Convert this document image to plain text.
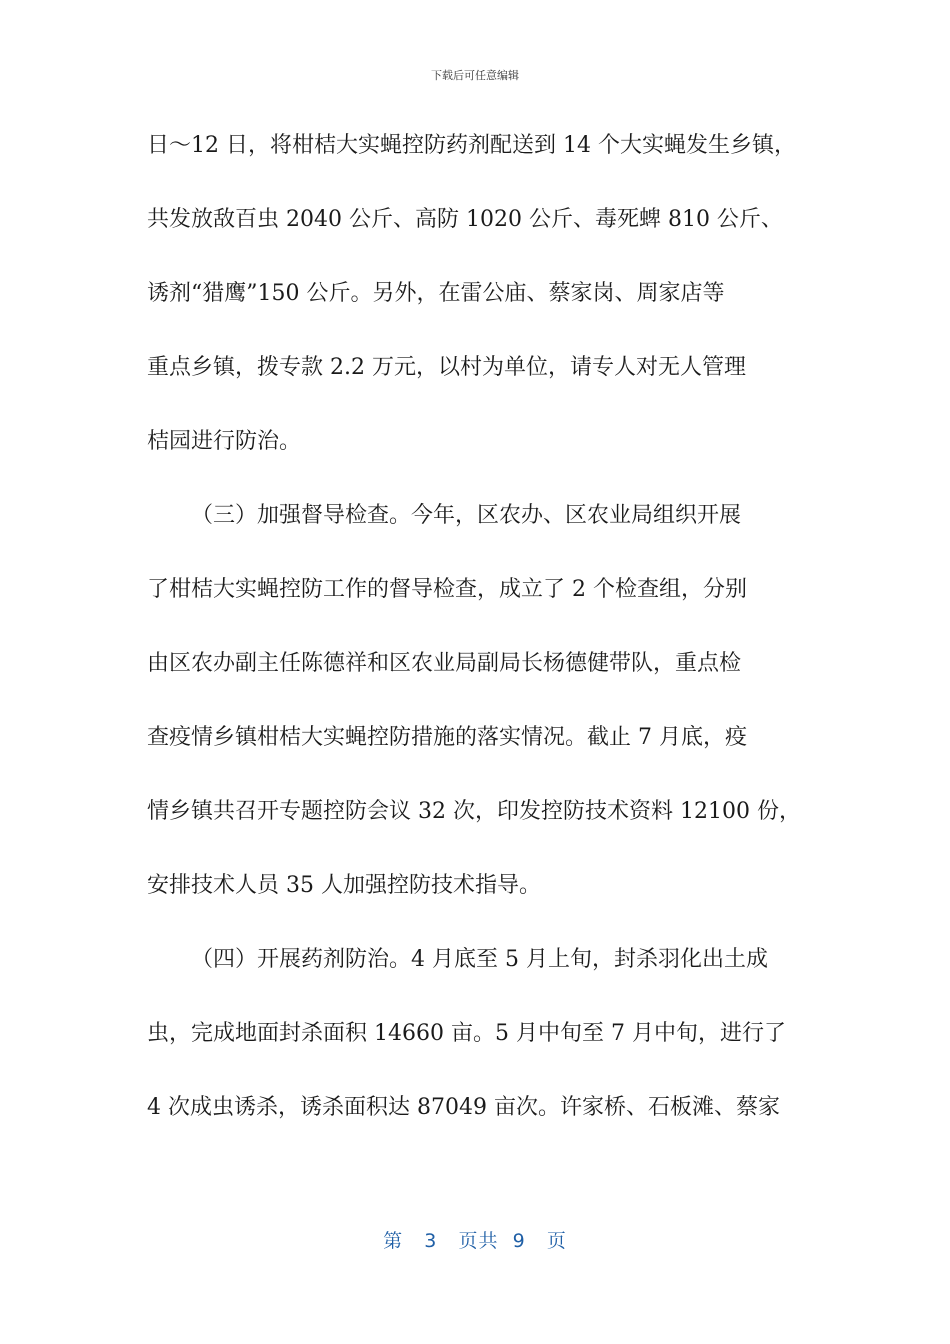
下载后可任意编辑
日～12 日，将柑桔大实蝇控防药剂配送到 14 个大实蝇发生乡镇，
共发放敌百虫 2040 公斤、高防 1020 公斤、毒死蜱 810 公斤、
诱剂“猎鹰”150 公斤。另外，在雷公庙、蔡家岗、周家店等
重点乡镇，拨专款 2.2 万元，以村为单位，请专人对无人管理
桔园进行防治。
（三）加强督导检查。今年，区农办、区农业局组织开展
了柑桔大实蝇控防工作的督导检查，成立了 2 个检查组，分别
由区农办副主任陈德祥和区农业局副局长杨德健带队，重点检
查疫情乡镇柑桔大实蝇控防措施的落实情况。截止 7 月底，疫
情乡镇共召开专题控防会议 32 次，印发控防技术资料 12100 份，
安排技术人员 35 人加强控防技术指导。
（四）开展药剂防治。4 月底至 5 月上旬，封杀羽化出土成
虫，完成地面封杀面积 14660 亩。5 月中旬至 7 月中旬，进行了
4 次成虫诱杀，诱杀面积达 87049 亩次。许家桥、石板滩、蔡家
第 3 页共 9 页
